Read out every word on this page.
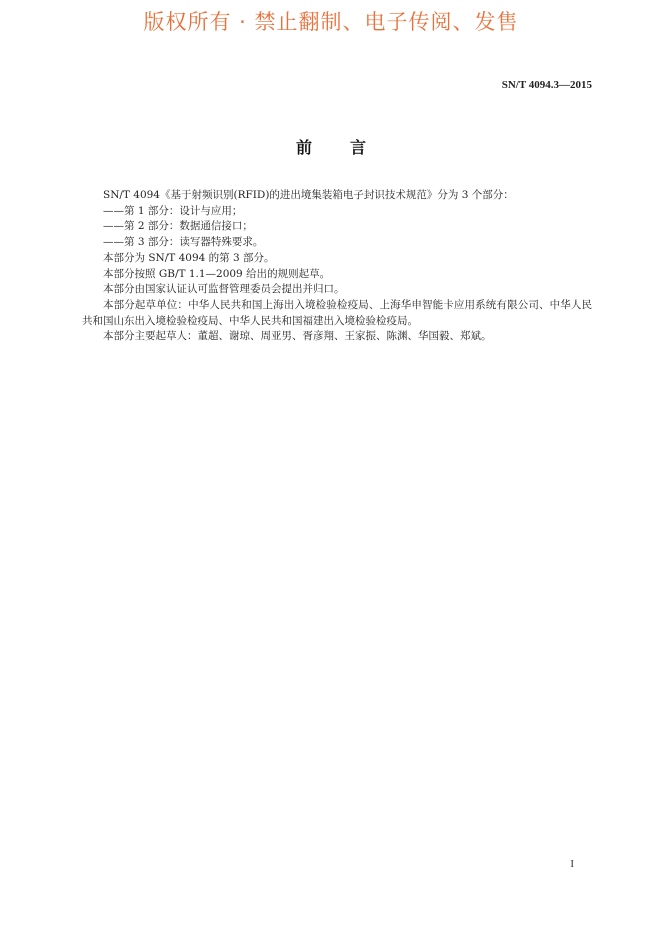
版权所有 · 禁止翻制、电子传阅、发售
SN/T 4094.3—2015
前言

SN/T 4094《基于射频识别(RFID)的进出境集装箱电子封识技术规范》分为 3 个部分：

——第 1 部分：设计与应用；

——第 2 部分：数据通信接口；

——第 3 部分：读写器特殊要求。

本部分为 SN/T 4094 的第 3 部分。

本部分按照 GB/T 1.1—2009 给出的规则起草。

本部分由国家认证认可监督管理委员会提出并归口。

本部分起草单位：中华人民共和国上海出入境检验检疫局、上海华申智能卡应用系统有限公司、中华人民共和国山东出入境检验检疫局、中华人民共和国福建出入境检验检疫局。

本部分主要起草人：董超、谢琼、周亚男、胥彦翔、王家振、陈渊、华国毅、郑斌。

I
